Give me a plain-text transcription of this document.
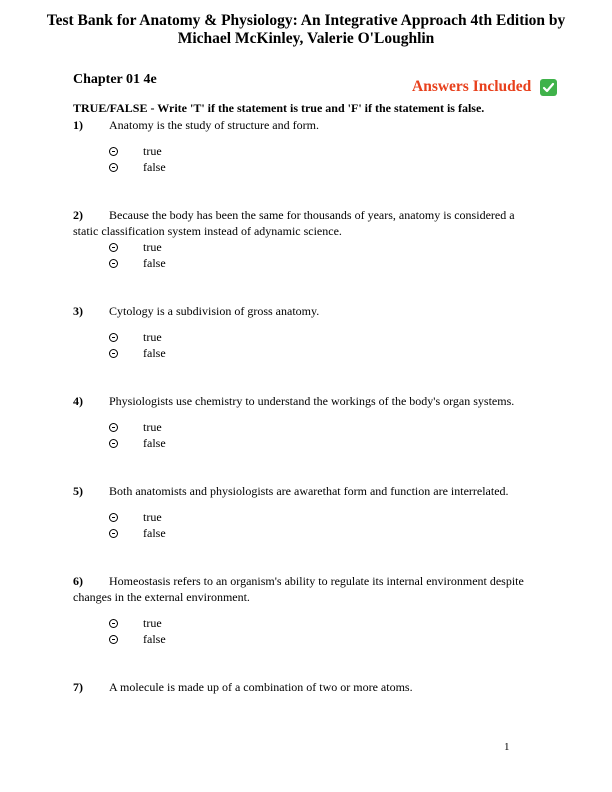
Test Bank for Anatomy & Physiology: An Integrative Approach 4th Edition by
Michael McKinley, Valerie O'Loughlin
Chapter 01 4e	Answers Included
TRUE/FALSE - Write 'T' if the statement is true and 'F' if the statement is false.
1)	Anatomy is the study of structure and form.
true
false
2) Because the body has been the same for thousands of years, anatomy is considered a
static classification system instead of adynamic science.
true
false
3)	Cytology is a subdivision of gross anatomy.
true
false
4)	Physiologists use chemistry to understand the workings of the body's organ systems.
true
false
5)	Both anatomists and physiologists are awarethat form and function are interrelated.
true
false
6) Homeostasis refers to an organism's ability to regulate its internal environment despite
changes in the external environment.
true
false
7)	A molecule is made up of a combination of two or more atoms.
1
